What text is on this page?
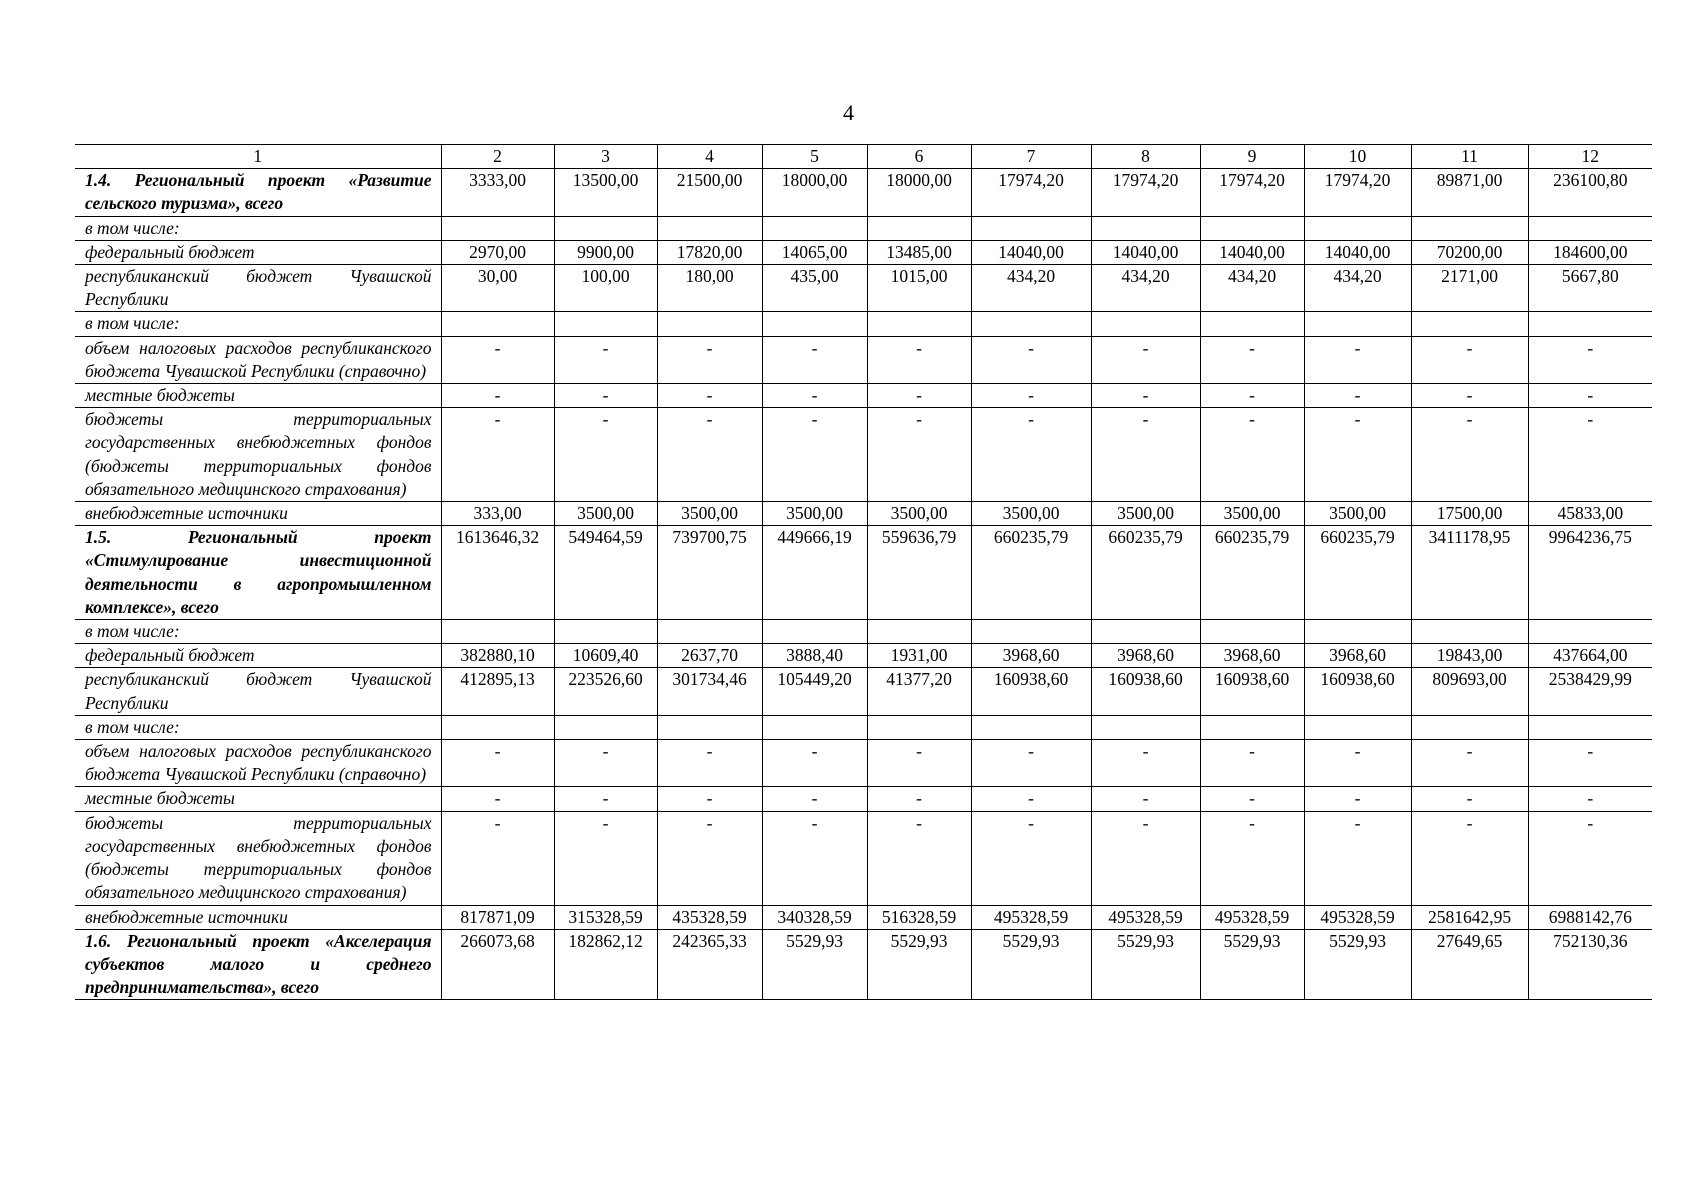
4
1	2	3	4	5	6	7	8	9	10	11	12
1.4. Региональный проект «Развитие сельского туризма», всего	3333,00	13500,00	21500,00	18000,00	18000,00	17974,20	17974,20	17974,20	17974,20	89871,00	236100,80
в том числе:											
федеральный бюджет	2970,00	9900,00	17820,00	14065,00	13485,00	14040,00	14040,00	14040,00	14040,00	70200,00	184600,00
республиканский бюджет Чувашской Республики	30,00	100,00	180,00	435,00	1015,00	434,20	434,20	434,20	434,20	2171,00	5667,80
в том числе:											
объем налоговых расходов республиканского бюджета Чувашской Республики (справочно)	-	-	-	-	-	-	-	-	-	-	-
местные бюджеты	-	-	-	-	-	-	-	-	-	-	-
бюджеты территориальных государственных внебюджетных фондов (бюджеты территориальных фондов обязательного медицинского страхования)	-	-	-	-	-	-	-	-	-	-	-
внебюджетные источники	333,00	3500,00	3500,00	3500,00	3500,00	3500,00	3500,00	3500,00	3500,00	17500,00	45833,00
1.5. Региональный проект «Стимулирование инвестиционной деятельности в агропромышленном комплексе», всего	1613646,32	549464,59	739700,75	449666,19	559636,79	660235,79	660235,79	660235,79	660235,79	3411178,95	9964236,75
в том числе:											
федеральный бюджет	382880,10	10609,40	2637,70	3888,40	1931,00	3968,60	3968,60	3968,60	3968,60	19843,00	437664,00
республиканский бюджет Чувашской Республики	412895,13	223526,60	301734,46	105449,20	41377,20	160938,60	160938,60	160938,60	160938,60	809693,00	2538429,99
в том числе:											
объем налоговых расходов республиканского бюджета Чувашской Республики (справочно)	-	-	-	-	-	-	-	-	-	-	-
местные бюджеты	-	-	-	-	-	-	-	-	-	-	-
бюджеты территориальных государственных внебюджетных фондов (бюджеты территориальных фондов обязательного медицинского страхования)	-	-	-	-	-	-	-	-	-	-	-
внебюджетные источники	817871,09	315328,59	435328,59	340328,59	516328,59	495328,59	495328,59	495328,59	495328,59	2581642,95	6988142,76
1.6. Региональный проект «Акселерация субъектов малого и среднего предпринимательства», всего	266073,68	182862,12	242365,33	5529,93	5529,93	5529,93	5529,93	5529,93	5529,93	27649,65	752130,36
